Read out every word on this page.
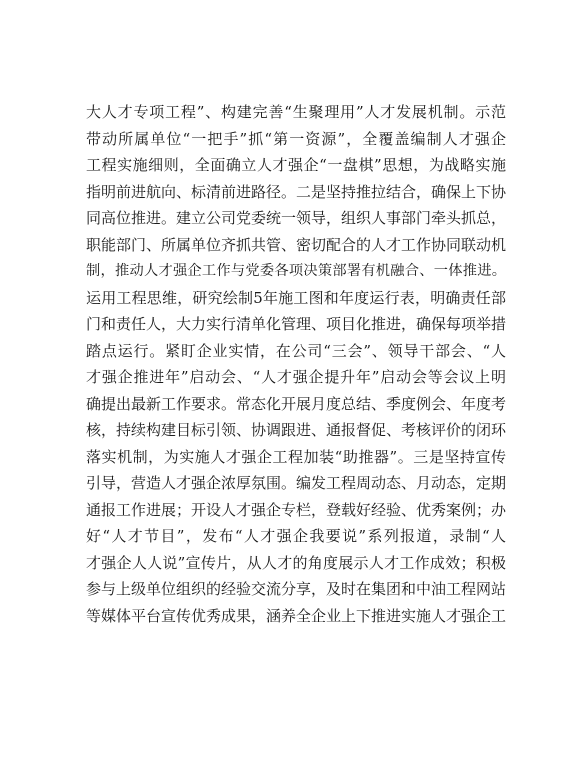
大人才专项工程”、构建完善“生聚理用”人才发展机制。示范
带动所属单位“一把手”抓“第一资源”，全覆盖编制人才强企
工程实施细则，全面确立人才强企“一盘棋”思想，为战略实施
指明前进航向、标清前进路径。二是坚持推拉结合，确保上下协
同高位推进。建立公司党委统一领导，组织人事部门牵头抓总，
职能部门、所属单位齐抓共管、密切配合的人才工作协同联动机
制，推动人才强企工作与党委各项决策部署有机融合、一体推进。
运用工程思维，研究绘制5年施工图和年度运行表，明确责任部
门和责任人，大力实行清单化管理、项目化推进，确保每项举措
踏点运行。紧盯企业实情，在公司“三会”、领导干部会、“人
才强企推进年”启动会、“人才强企提升年”启动会等会议上明
确提出最新工作要求。常态化开展月度总结、季度例会、年度考
核，持续构建目标引领、协调跟进、通报督促、考核评价的闭环
落实机制，为实施人才强企工程加装“助推器”。三是坚持宣传
引导，营造人才强企浓厚氛围。编发工程周动态、月动态，定期
通报工作进展；开设人才强企专栏，登载好经验、优秀案例；办
好“人才节目”，发布“人才强企我要说”系列报道，录制“人
才强企人人说”宣传片，从人才的角度展示人才工作成效；积极
参与上级单位组织的经验交流分享，及时在集团和中油工程网站
等媒体平台宣传优秀成果，涵养全企业上下推进实施人才强企工
